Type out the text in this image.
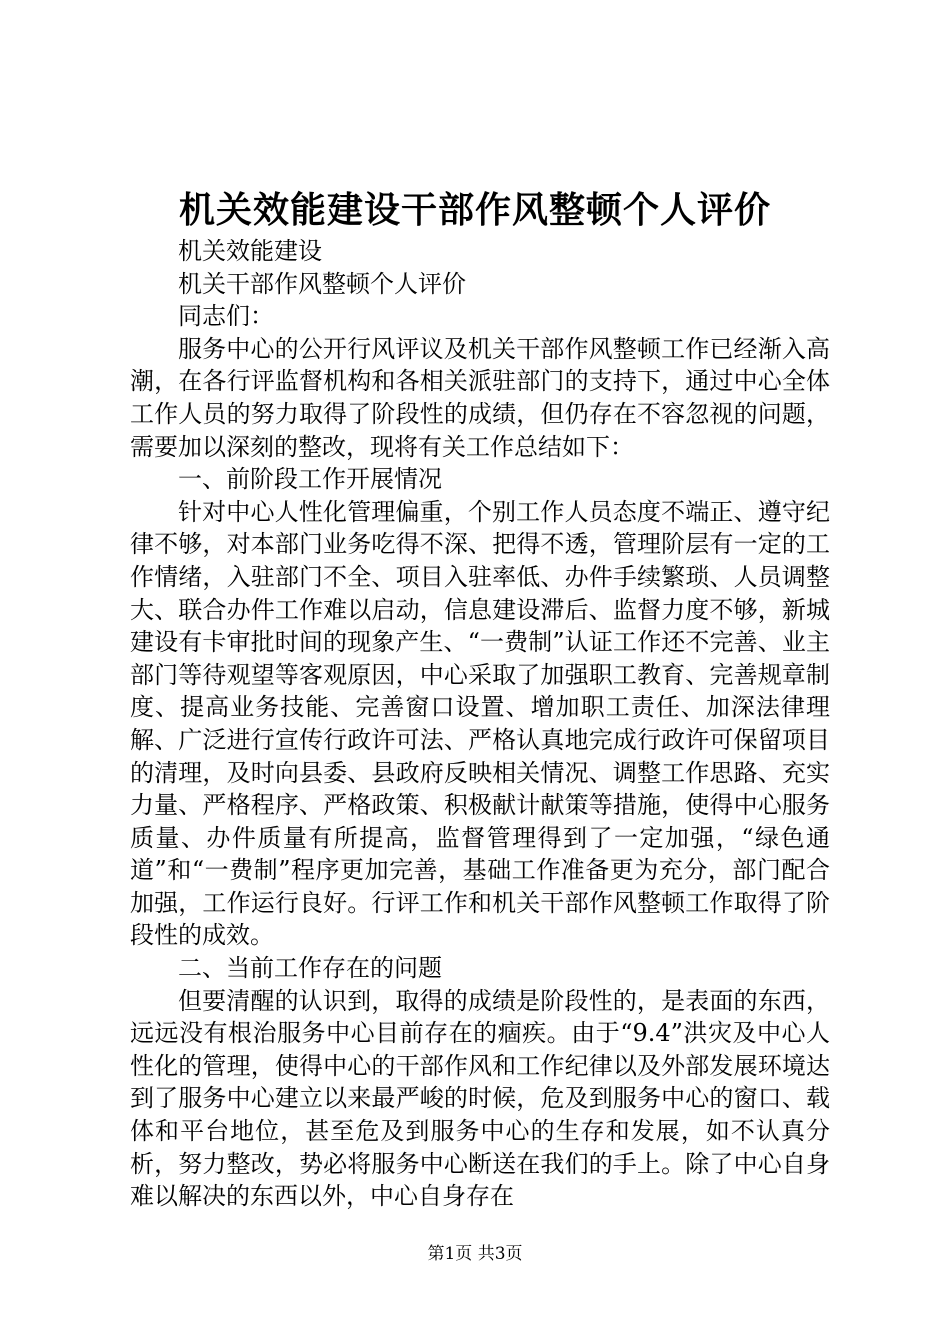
机关效能建设干部作风整顿个人评价

机关效能建设

机关干部作风整顿个人评价

同志们：

服务中心的公开行风评议及机关干部作风整顿工作已经渐入高潮，在各行评监督机构和各相关派驻部门的支持下，通过中心全体工作人员的努力取得了阶段性的成绩，但仍存在不容忽视的问题，需要加以深刻的整改，现将有关工作总结如下：

一、前阶段工作开展情况

针对中心人性化管理偏重，个别工作人员态度不端正、遵守纪律不够，对本部门业务吃得不深、把得不透，管理阶层有一定的工作情绪，入驻部门不全、项目入驻率低、办件手续繁琐、人员调整大、联合办件工作难以启动，信息建设滞后、监督力度不够，新城建设有卡审批时间的现象产生、“一费制”认证工作还不完善、业主部门等待观望等客观原因，中心采取了加强职工教育、完善规章制度、提高业务技能、完善窗口设置、增加职工责任、加深法律理解、广泛进行宣传行政许可法、严格认真地完成行政许可保留项目的清理，及时向县委、县政府反映相关情况、调整工作思路、充实力量、严格程序、严格政策、积极献计献策等措施，使得中心服务质量、办件质量有所提高，监督管理得到了一定加强，“绿色通道”和“一费制”程序更加完善，基础工作准备更为充分，部门配合加强，工作运行良好。行评工作和机关干部作风整顿工作取得了阶段性的成效。

二、当前工作存在的问题

但要清醒的认识到，取得的成绩是阶段性的，是表面的东西，远远没有根治服务中心目前存在的痼疾。由于“9.4”洪灾及中心人性化的管理，使得中心的干部作风和工作纪律以及外部发展环境达到了服务中心建立以来最严峻的时候，危及到服务中心的窗口、载体和平台地位，甚至危及到服务中心的生存和发展，如不认真分析，努力整改，势必将服务中心断送在我们的手上。除了中心自身难以解决的东西以外，中心自身存在

第1页 共3页
